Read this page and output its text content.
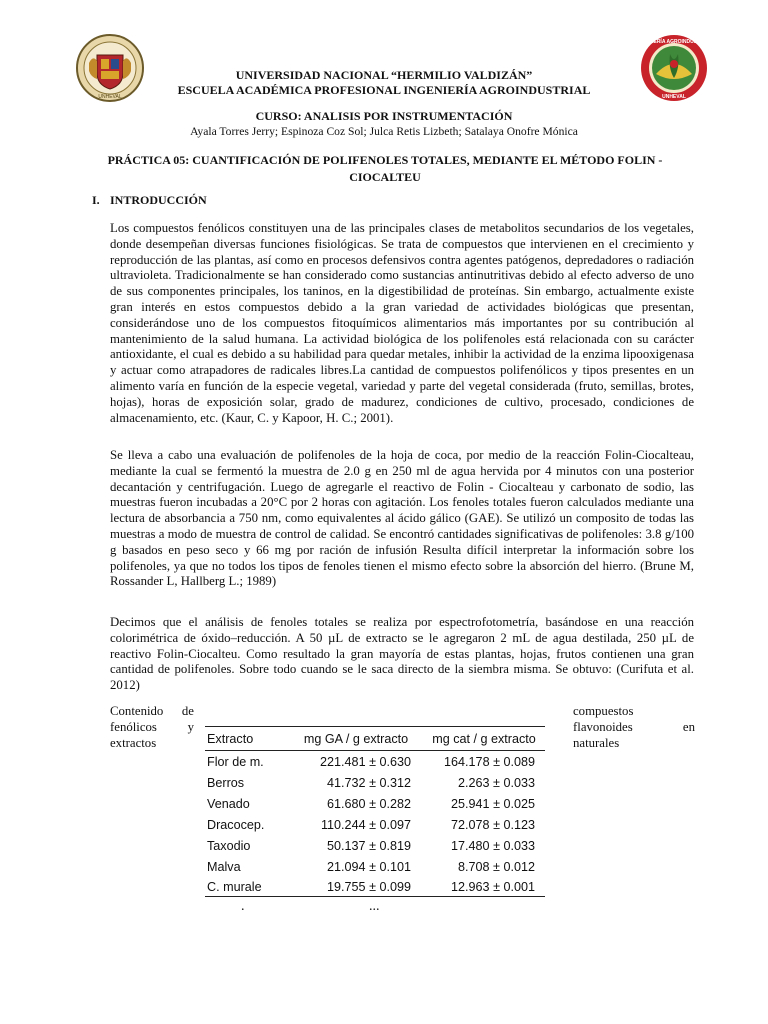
UNHEVAL
INGENIERÍA AGROINDUSTRIAL
UNHEVAL
UNIVERSIDAD NACIONAL “HERMILIO VALDIZÁN”
ESCUELA ACADÉMICA PROFESIONAL INGENIERÍA AGROINDUSTRIAL
CURSO: ANALISIS POR INSTRUMENTACIÓN
Ayala Torres Jerry; Espinoza Coz Sol; Julca Retis Lizbeth; Satalaya Onofre Mónica
PRÁCTICA 05: CUANTIFICACIÓN DE POLIFENOLES TOTALES, MEDIANTE EL MÉTODO FOLIN -
CIOCALTEU
I. INTRODUCCIÓN

Los compuestos fenólicos constituyen una de las principales clases de metabolitos secundarios de los vegetales, donde desempeñan diversas funciones fisiológicas. Se trata de compuestos que intervienen en el crecimiento y reproducción de las plantas, así como en procesos defensivos contra agentes patógenos, depredadores o radiación ultravioleta. Tradicionalmente se han considerado como sustancias antinutritivas debido al efecto adverso de uno de sus componentes principales, los taninos, en la digestibilidad de proteínas. Sin embargo, actualmente existe gran interés en estos compuestos debido a la gran variedad de actividades biológicas que presentan, considerándose uno de los compuestos fitoquímicos alimentarios más importantes por su contribución al mantenimiento de la salud humana. La actividad biológica de los polifenoles está relacionada con su carácter antioxidante, el cual es debido a su habilidad para quedar metales, inhibir la actividad de la enzima lipooxigenasa y actuar como atrapadores de radicales libres.La cantidad de compuestos polifenólicos y tipos presentes en un alimento varía en función de la especie vegetal, variedad y parte del vegetal considerada (fruto, semillas, brotes, hojas), horas de exposición solar, grado de madurez, condiciones de cultivo, procesado, condiciones de almacenamiento, etc. (Kaur, C. y Kapoor, H. C.; 2001).

Se lleva a cabo una evaluación de polifenoles de la hoja de coca, por medio de la reacción Folin-Ciocalteau, mediante la cual se fermentó la muestra de 2.0 g en 250 ml de agua hervida por 4 minutos con una posterior decantación y centrifugación. Luego de agregarle el reactivo de Folin - Ciocalteau y carbonato de sodio, las muestras fueron incubadas a 20°C por 2 horas con agitación. Los fenoles totales fueron calculados mediante una lectura de absorbancia a 750 nm, como equivalentes al ácido gálico (GAE). Se utilizó un composito de todas las muestras a modo de muestra de control de calidad. Se encontró cantidades significativas de polifenoles: 3.8 g/100 g basados en peso seco y 66 mg por ración de infusión Resulta difícil interpretar la información sobre los polifenoles, ya que no todos los tipos de fenoles tienen el mismo efecto sobre la absorción del hierro. (Brune M, Rossander L, Hallberg L.; 1989)

Decimos que el análisis de fenoles totales se realiza por espectrofotometría, basándose en una reacción colorimétrica de óxido–reducción. A 50 µL de extracto se le agregaron 2 mL de agua destilada, 250 µL de reactivo Folin-Ciocalteu. Como resultado la gran mayoría de estas plantas, hojas, frutos contienen una gran cantidad de polifenoles. Sobre todo cuando se le saca directo de la siembra misma. Se obtuvo: (Curifuta et al. 2012)

Contenido de
fenólicos y
extractos
compuestos
flavonoides	en
naturales
Extracto	mg GA / g extracto	mg cat / g extracto
Flor de m.	221.481 ± 0.630	164.178 ± 0.089
Berros	41.732 ± 0.312	2.263 ± 0.033
Venado	61.680 ± 0.282	25.941 ± 0.025
Dracocep.	110.244 ± 0.097	72.078 ± 0.123
Taxodio	50.137 ± 0.819	17.480 ± 0.033
Malva	21.094 ± 0.101	8.708 ± 0.012
C. murale	19.755 ± 0.099	12.963 ± 0.001
.	...
